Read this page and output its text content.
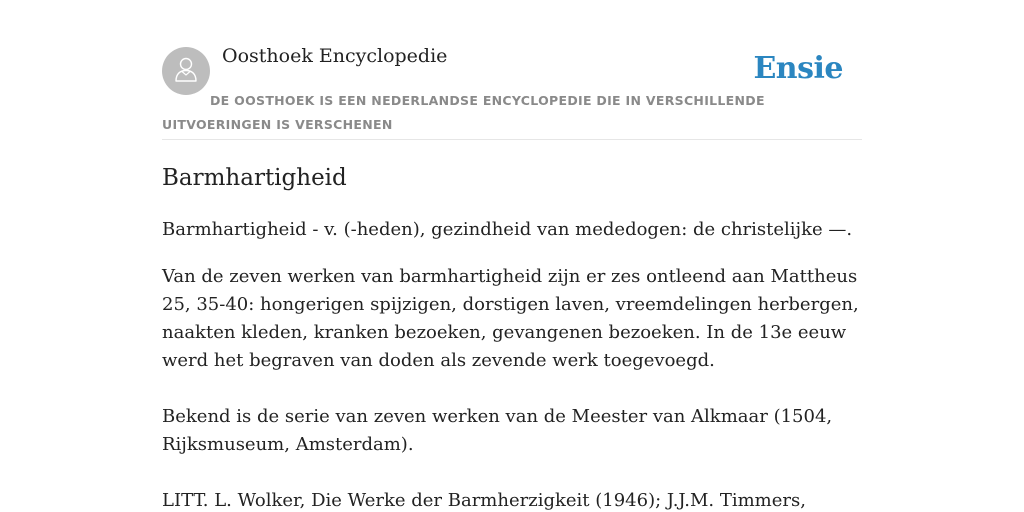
Oosthoek Encyclopedie	Ensie

DE OOSTHOEK IS EEN NEDERLANDSE ENCYCLOPEDIE DIE IN VERSCHILLENDE UITVOERINGEN IS VERSCHENEN

Barmhartigheid

Barmhartigheid - v. (-heden), gezindheid van mededogen: de christelijke —.

Van de zeven werken van barmhartigheid zijn er zes ontleend aan Mattheus 25, 35-40: hongerigen spijzigen, dorstigen laven, vreemdelingen herbergen, naakten kleden, kranken bezoeken, gevangenen bezoeken. In de 13e eeuw werd het begraven van doden als zevende werk toegevoegd.

Bekend is de serie van zeven werken van de Meester van Alkmaar (1504, Rijksmuseum, Amsterdam).

LITT. L. Wolker, Die Werke der Barmherzigkeit (1946); J.J.M. Timmers,
